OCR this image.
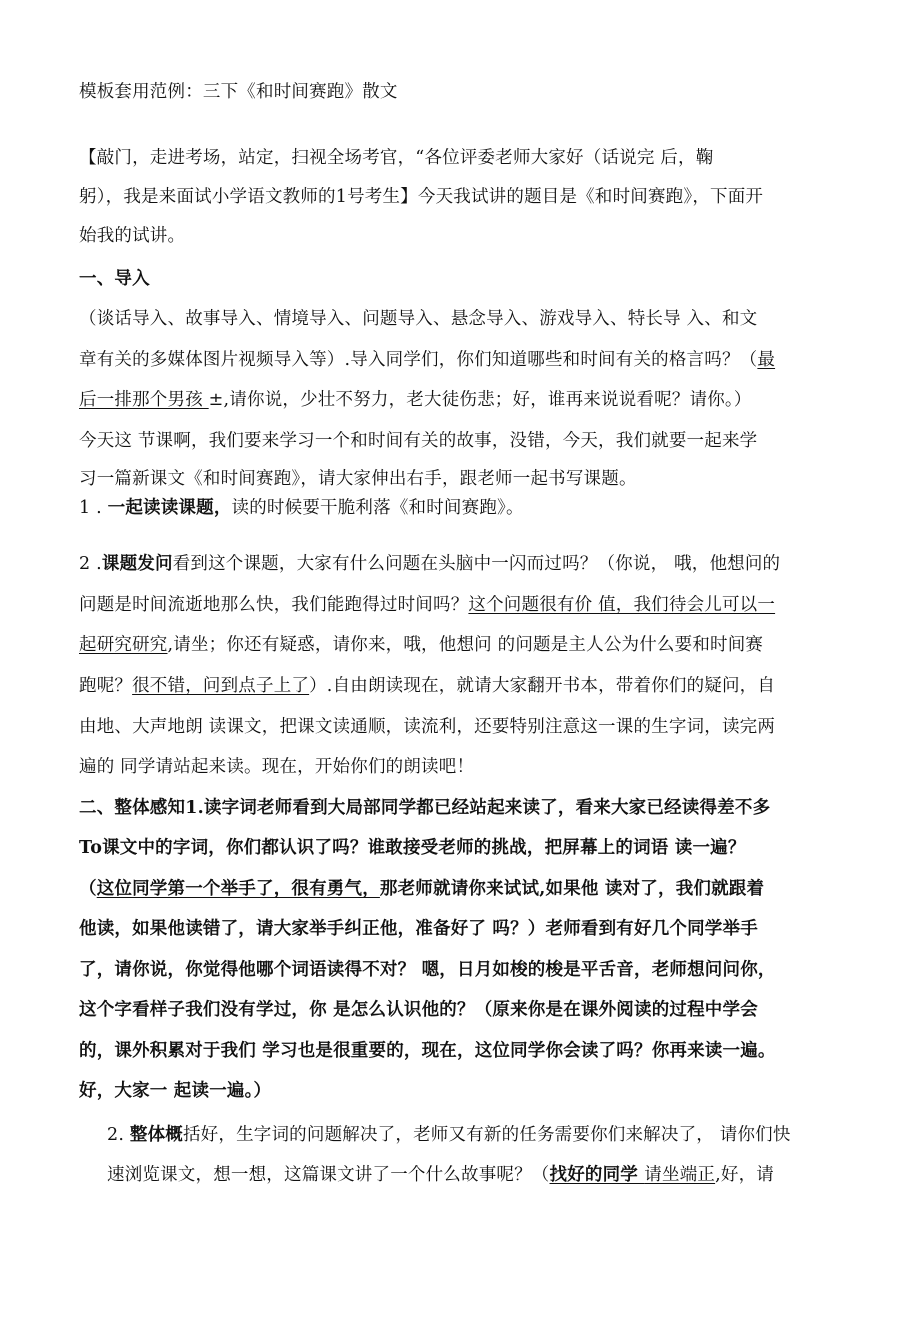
模板套用范例：三下《和时间赛跑》散文
【敲门，走进考场，站定，扫视全场考官，“各位评委老师大家好（话说完 后，鞠
躬），我是来面试小学语文教师的1号考生】今天我试讲的题目是《和时间赛跑》，下面开
始我的试讲。
一、导入
（谈话导入、故事导入、情境导入、问题导入、悬念导入、游戏导入、特长导 入、和文
章有关的多媒体图片视频导入等）.导入同学们，你们知道哪些和时间有关的格言吗？（最
后一排那个男孩 ±,请你说，少壮不努力，老大徒伤悲；好，谁再来说说看呢？请你。）
今天这 节课啊，我们要来学习一个和时间有关的故事，没错，今天，我们就要一起来学
习一篇新课文《和时间赛跑》，请大家伸出右手，跟老师一起书写课题。
1 . 一起读读课题，读的时候要干脆利落《和时间赛跑》。
2 .课题发问看到这个课题，大家有什么问题在头脑中一闪而过吗？（你说， 哦，他想问的
问题是时间流逝地那么快，我们能跑得过时间吗？这个问题很有价 值，我们待会儿可以一
起研究研究,请坐；你还有疑惑，请你来，哦，他想问 的问题是主人公为什么要和时间赛
跑呢？很不错，问到点子上了）.自由朗读现在，就请大家翻开书本，带着你们的疑问，自
由地、大声地朗 读课文，把课文读通顺，读流利，还要特别注意这一课的生字词，读完两
遍的 同学请站起来读。现在，开始你们的朗读吧！
二、整体感知1.读字词老师看到大局部同学都已经站起来读了，看来大家已经读得差不多
To课文中的字词，你们都认识了吗？谁敢接受老师的挑战，把屏幕上的词语 读一遍？
（这位同学第一个举手了，很有勇气，那老师就请你来试试,如果他 读对了，我们就跟着
他读，如果他读错了，请大家举手纠正他，准备好了 吗？）老师看到有好几个同学举手
了，请你说，你觉得他哪个词语读得不对？ 嗯，日月如梭的梭是平舌音，老师想问问你，
这个字看样子我们没有学过，你 是怎么认识他的？（原来你是在课外阅读的过程中学会
的，课外积累对于我们 学习也是很重要的，现在，这位同学你会读了吗？你再来读一遍。
好，大家一 起读一遍。）
2. 整体概括好，生字词的问题解决了，老师又有新的任务需要你们来解决了， 请你们快
速浏览课文，想一想，这篇课文讲了一个什么故事呢？（找好的同学 请坐端正,好，请
